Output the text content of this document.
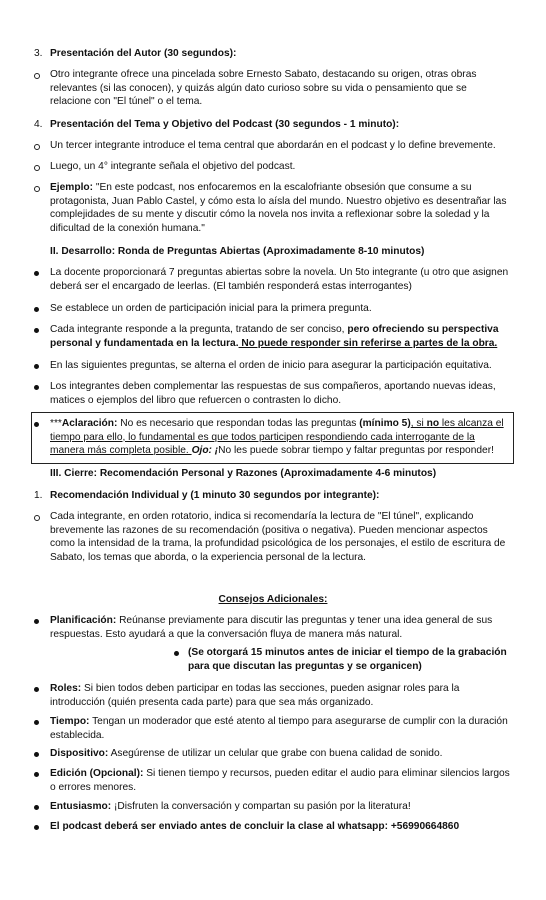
3. Presentación del Autor (30 segundos):
Otro integrante ofrece una pincelada sobre Ernesto Sabato, destacando su origen, otras obras relevantes (si las conocen), y quizás algún dato curioso sobre su vida o pensamiento que se relacione con "El túnel" o el tema.
4. Presentación del Tema y Objetivo del Podcast (30 segundos - 1 minuto):
Un tercer integrante introduce el tema central que abordarán en el podcast y lo define brevemente.
Luego, un 4° integrante señala el objetivo del podcast.
Ejemplo: "En este podcast, nos enfocaremos en la escalofriante obsesión que consume a su protagonista, Juan Pablo Castel, y cómo esta lo aísla del mundo. Nuestro objetivo es desentrañar las complejidades de su mente y discutir cómo la novela nos invita a reflexionar sobre la soledad y la dificultad de la conexión humana."
II. Desarrollo: Ronda de Preguntas Abiertas (Aproximadamente 8-10 minutos)
La docente proporcionará 7 preguntas abiertas sobre la novela. Un 5to integrante (u otro que asignen deberá ser el encargado de leerlas. (El también responderá estas interrogantes)
Se establece un orden de participación inicial para la primera pregunta.
Cada integrante responde a la pregunta, tratando de ser conciso, pero ofreciendo su perspectiva personal y fundamentada en la lectura. No puede responder sin referirse a partes de la obra.
En las siguientes preguntas, se alterna el orden de inicio para asegurar la participación equitativa.
Los integrantes deben complementar las respuestas de sus compañeros, aportando nuevas ideas, matices o ejemplos del libro que refuercen o contrasten lo dicho.
***Aclaración: No es necesario que respondan todas las preguntas (mínimo 5), si no les alcanza el tiempo para ello, lo fundamental es que todos participen respondiendo cada interrogante de la manera más completa posible. Ojo: ¡No les puede sobrar tiempo y faltar preguntas por responder!
III. Cierre: Recomendación Personal y Razones (Aproximadamente 4-6 minutos)
1. Recomendación Individual y (1 minuto 30 segundos por integrante):
Cada integrante, en orden rotatorio, indica si recomendaría la lectura de "El túnel", explicando brevemente las razones de su recomendación (positiva o negativa). Pueden mencionar aspectos como la intensidad de la trama, la profundidad psicológica de los personajes, el estilo de escritura de Sabato, los temas que aborda, o la experiencia personal de la lectura.
Consejos Adicionales:
Planificación: Reúnanse previamente para discutir las preguntas y tener una idea general de sus respuestas. Esto ayudará a que la conversación fluya de manera más natural.
(Se otorgará 15 minutos antes de iniciar el tiempo de la grabación para que discutan las preguntas y se organicen)
Roles: Si bien todos deben participar en todas las secciones, pueden asignar roles para la introducción (quién presenta cada parte) para que sea más organizado.
Tiempo: Tengan un moderador que esté atento al tiempo para asegurarse de cumplir con la duración establecida.
Dispositivo: Asegúrense de utilizar un celular que grabe con buena calidad de sonido.
Edición (Opcional): Si tienen tiempo y recursos, pueden editar el audio para eliminar silencios largos o errores menores.
Entusiasmo: ¡Disfruten la conversación y compartan su pasión por la literatura!
El podcast deberá ser enviado antes de concluir la clase al whatsapp: +56990664860
